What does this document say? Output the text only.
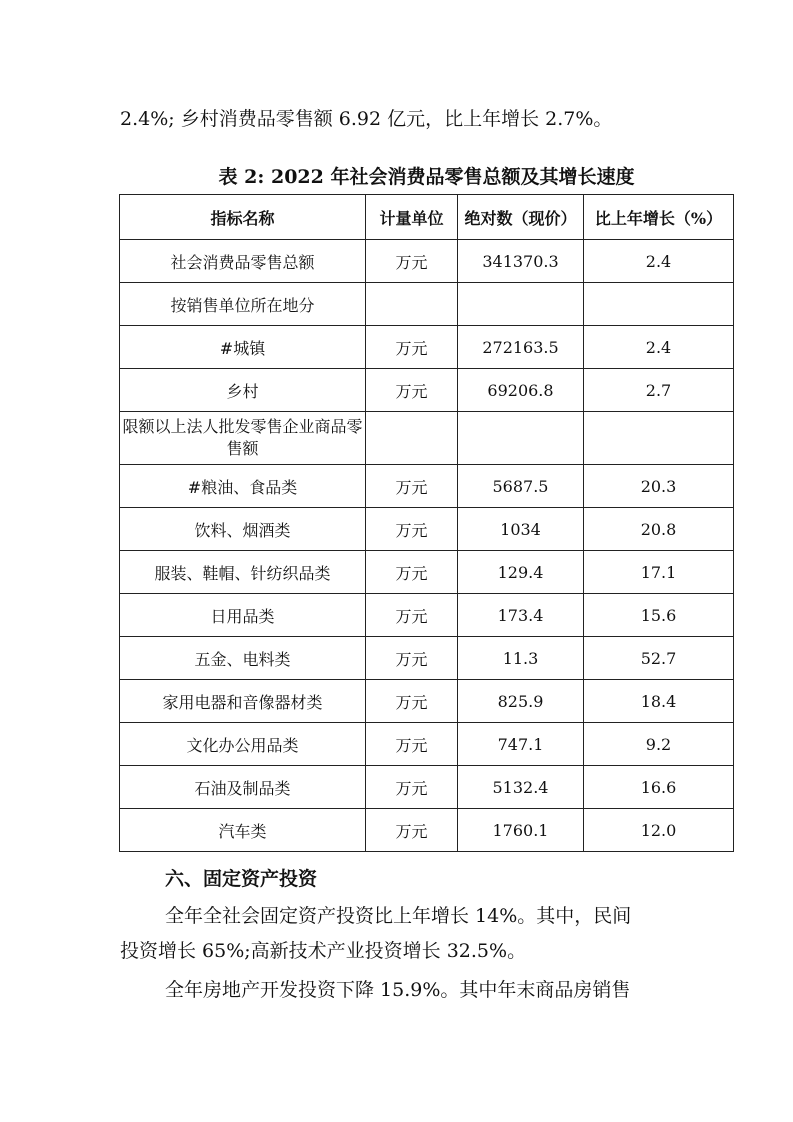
2.4%; 乡村消费品零售额 6.92 亿元，比上年增长 2.7%。
表 2: 2022 年社会消费品零售总额及其增长速度
指标名称	计量单位	绝对数（现价）	比上年增长（%）
社会消费品零售总额	万元	341370.3	2.4
按销售单位所在地分			
#城镇	万元	272163.5	2.4
乡村	万元	69206.8	2.7
限额以上法人批发零售企业商品零售额			
#粮油、食品类	万元	5687.5	20.3
饮料、烟酒类	万元	1034	20.8
服装、鞋帽、针纺织品类	万元	129.4	17.1
日用品类	万元	173.4	15.6
五金、电料类	万元	11.3	52.7
家用电器和音像器材类	万元	825.9	18.4
文化办公用品类	万元	747.1	9.2
石油及制品类	万元	5132.4	16.6
汽车类	万元	1760.1	12.0
六、固定资产投资
全年全社会固定资产投资比上年增长 14%。其中，民间
投资增长 65%;高新技术产业投资增长 32.5%。
全年房地产开发投资下降 15.9%。其中年末商品房销售
